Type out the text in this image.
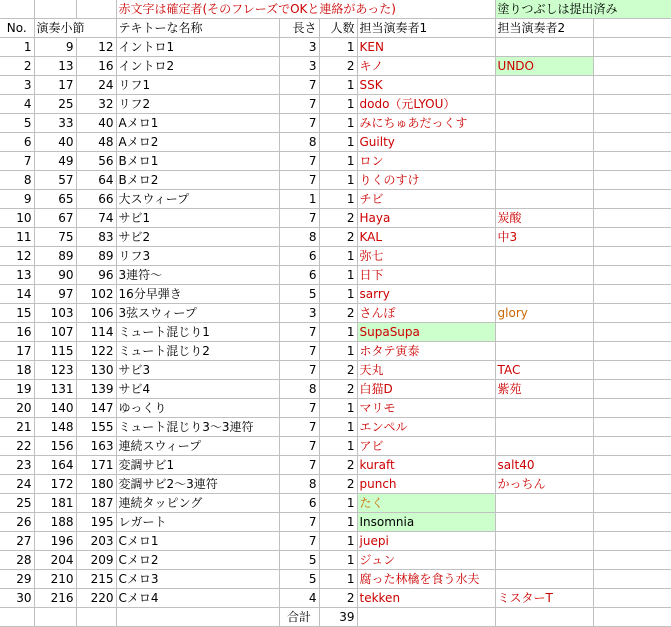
			赤文字は確定者(そのフレーズでOKと連絡があった)				塗りつぶしは提出済み	
No.	演奏小節		テキトーな名称	長さ	人数	担当演奏者1	担当演奏者2	
1	9	12	イントロ1	3	1	KEN		
2	13	16	イントロ2	3	2	キノ	UNDO	
3	17	24	リフ1	7	1	SSK		
4	25	32	リフ2	7	1	dodo（元LYOU）		
5	33	40	Aメロ1	7	1	みにちゅあだっくす		
6	40	48	Aメロ2	8	1	Guilty		
7	49	56	Bメロ1	7	1	ロン		
8	57	64	Bメロ2	7	1	りくのすけ		
9	65	66	大スウィープ	1	1	チビ		
10	67	74	サビ1	7	2	Haya	炭酸	
11	75	83	サビ2	8	2	KAL	中3	
12	89	89	リフ3	6	1	弥七		
13	90	96	3連符～	6	1	日下		
14	97	102	16分早弾き	5	1	sarry		
15	103	106	3弦スウィープ	3	2	さんぽ	glory	
16	107	114	ミュート混じり1	7	1	SupaSupa		
17	115	122	ミュート混じり2	7	1	ホタテ寅泰		
18	123	130	サビ3	7	2	天丸	TAC	
19	131	139	サビ4	8	2	白猫D	紫苑	
20	140	147	ゆっくり	7	1	マリモ		
21	148	155	ミュート混じり3～3連符	7	1	エンペル		
22	156	163	連続スウィープ	7	1	アビ		
23	164	171	変調サビ1	7	2	kuraft	salt40	
24	172	180	変調サビ2～3連符	8	2	punch	かっちん	
25	181	187	連続タッピング	6	1	たく		
26	188	195	レガート	7	1	Insomnia		
27	196	203	Cメロ1	7	1	juepi		
28	204	209	Cメロ2	5	1	ジュン		
29	210	215	Cメロ3	5	1	腐った林檎を食う水夫		
30	216	220	Cメロ4	4	2	tekken	ミスターT	
				合計	39			
